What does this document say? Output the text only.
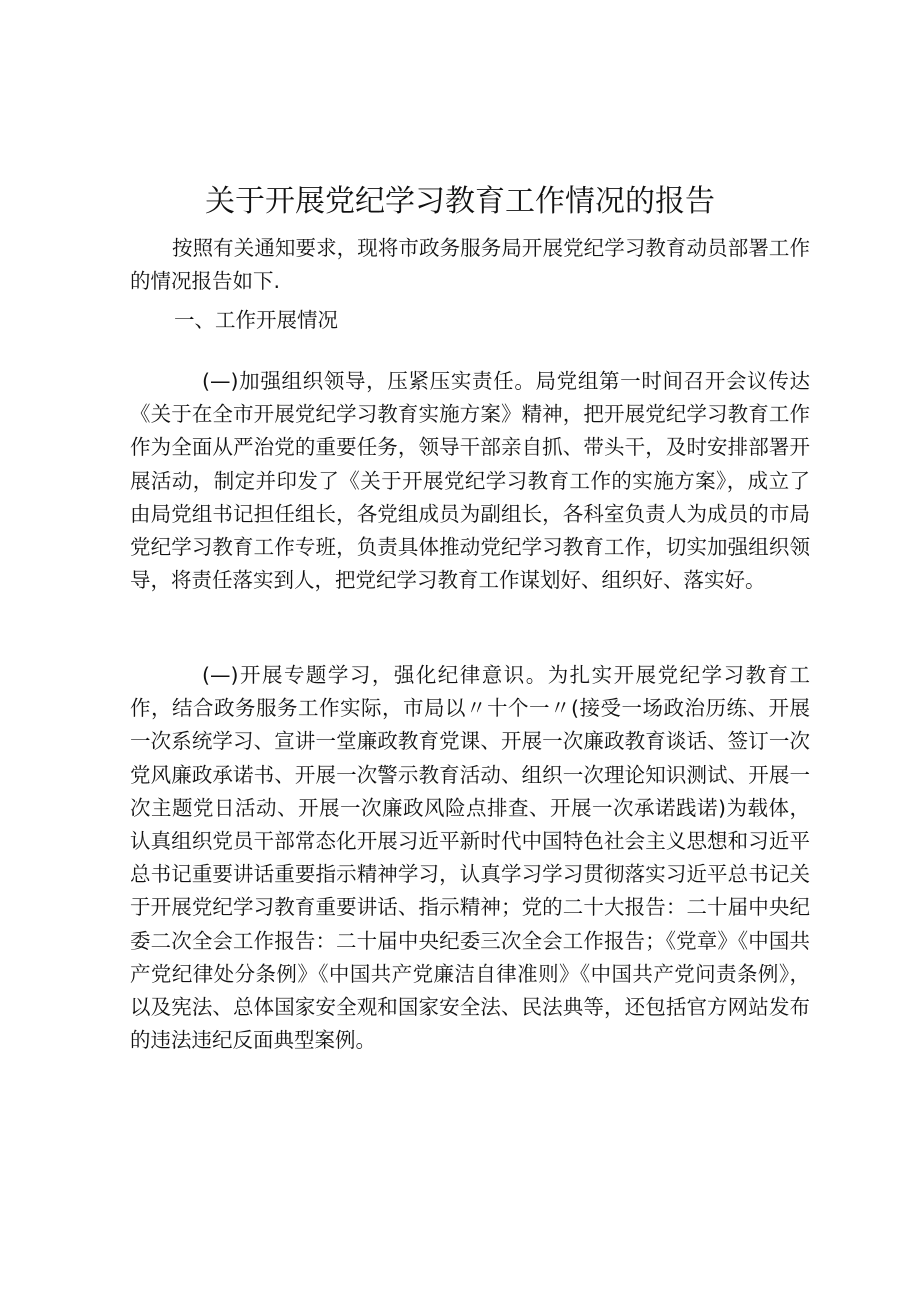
关于开展党纪学习教育工作情况的报告

按照有关通知要求，现将市政务服务局开展党纪学习教育动员部署工作的情况报告如下.

一、工作开展情况

(—)加强组织领导，压紧压实责任。局党组第一时间召开会议传达《关于在全市开展党纪学习教育实施方案》精神，把开展党纪学习教育工作作为全面从严治党的重要任务，领导干部亲自抓、带头干，及时安排部署开展活动，制定并印发了《关于开展党纪学习教育工作的实施方案》，成立了由局党组书记担任组长，各党组成员为副组长，各科室负责人为成员的市局党纪学习教育工作专班，负责具体推动党纪学习教育工作，切实加强组织领导，将责任落实到人，把党纪学习教育工作谋划好、组织好、落实好。

(—)开展专题学习，强化纪律意识。为扎实开展党纪学习教育工作，结合政务服务工作实际，市局以〃十个一〃(接受一场政治历练、开展一次系统学习、宣讲一堂廉政教育党课、开展一次廉政教育谈话、签订一次党风廉政承诺书、开展一次警示教育活动、组织一次理论知识测试、开展一次主题党日活动、开展一次廉政风险点排查、开展一次承诺践诺)为载体，认真组织党员干部常态化开展习近平新时代中国特色社会主义思想和习近平总书记重要讲话重要指示精神学习，认真学习学习贯彻落实习近平总书记关于开展党纪学习教育重要讲话、指示精神；党的二十大报告：二十届中央纪委二次全会工作报告：二十届中央纪委三次全会工作报告；《党章》《中国共产党纪律处分条例》《中国共产党廉洁自律准则》《中国共产党问责条例》，以及宪法、总体国家安全观和国家安全法、民法典等，还包括官方网站发布的违法违纪反面典型案例。
